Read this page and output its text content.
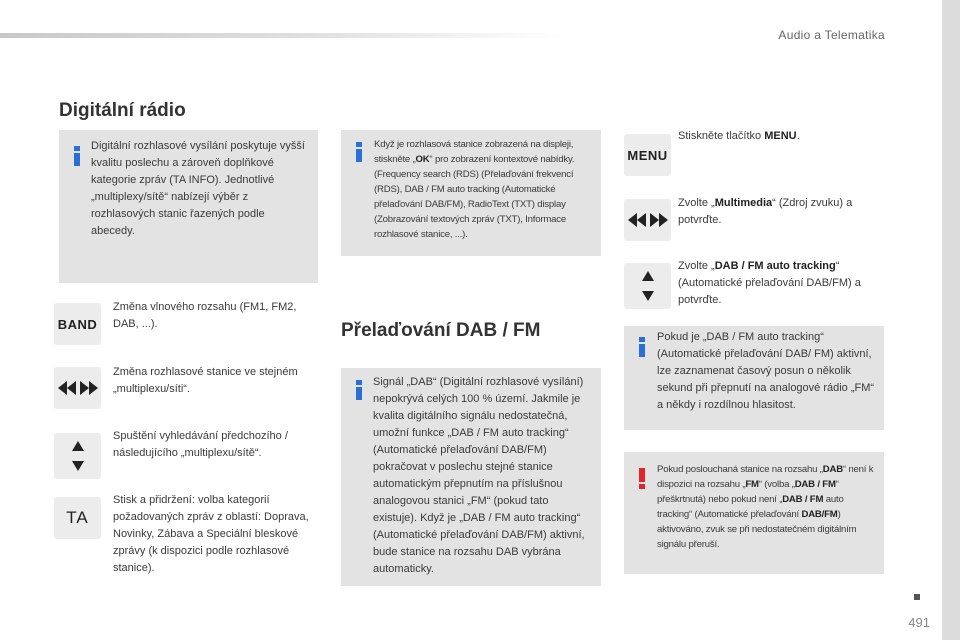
Audio a Telematika
Digitální rádio
Digitální rozhlasové vysílání poskytuje vyšší kvalitu poslechu a zároveň doplňkové kategorie zpráv (TA INFO). Jednotlivé „multiplexy/sítě“ nabízejí výběr z rozhlasových stanic řazených podle abecedy.
Když je rozhlasová stanice zobrazená na displeji, stiskněte „OK“ pro zobrazení kontextové nabídky. (Frequency search (RDS) (Přelaďování frekvencí (RDS), DAB / FM auto tracking (Automatické přelaďování DAB/FM), RadioText (TXT) display (Zobrazování textových zpráv (TXT), Informace rozhlasové stanice, ...).
BAND
Změna vlnového rozsahu (FM1, FM2, DAB, ...).
Změna rozhlasové stanice ve stejném „multiplexu/síti“.
Spuštění vyhledávání předchozího / následujícího „multiplexu/sítě“.
TA
Stisk a přidržení: volba kategorií požadovaných zpráv z oblastí: Doprava, Novinky, Zábava a Speciální bleskové zprávy (k dispozici podle rozhlasové stanice).
Přelaďování DAB / FM
Signál „DAB“ (Digitální rozhlasové vysílání) nepokrývá celých 100 % území. Jakmile je kvalita digitálního signálu nedostatečná, umožní funkce „DAB / FM auto tracking“ (Automatické přelaďování DAB/FM) pokračovat v poslechu stejné stanice automatickým přepnutím na příslušnou analogovou stanici „FM“ (pokud tato existuje). Když je „DAB / FM auto tracking“ (Automatické přelaďování DAB/FM) aktivní, bude stanice na rozsahu DAB vybrána automaticky.
MENU
Stiskněte tlačítko MENU.
Zvolte „Multimedia“ (Zdroj zvuku) a potvrďte.
Zvolte „DAB / FM auto tracking“ (Automatické přelaďování DAB/FM) a potvrďte.
Pokud je „DAB / FM auto tracking“ (Automatické přelaďování DAB/ FM) aktivní, lze zaznamenat časový posun o několik sekund při přepnutí na analogové rádio „FM“ a někdy i rozdílnou hlasitost.
Pokud poslouchaná stanice na rozsahu „DAB“ není k dispozici na rozsahu „FM“ (volba „DAB / FM“ přeškrtnutá) nebo pokud není „DAB / FM auto tracking“ (Automatické přelaďování DAB/FM) aktivováno, zvuk se při nedostatečném digitálním signálu přeruší.
491
